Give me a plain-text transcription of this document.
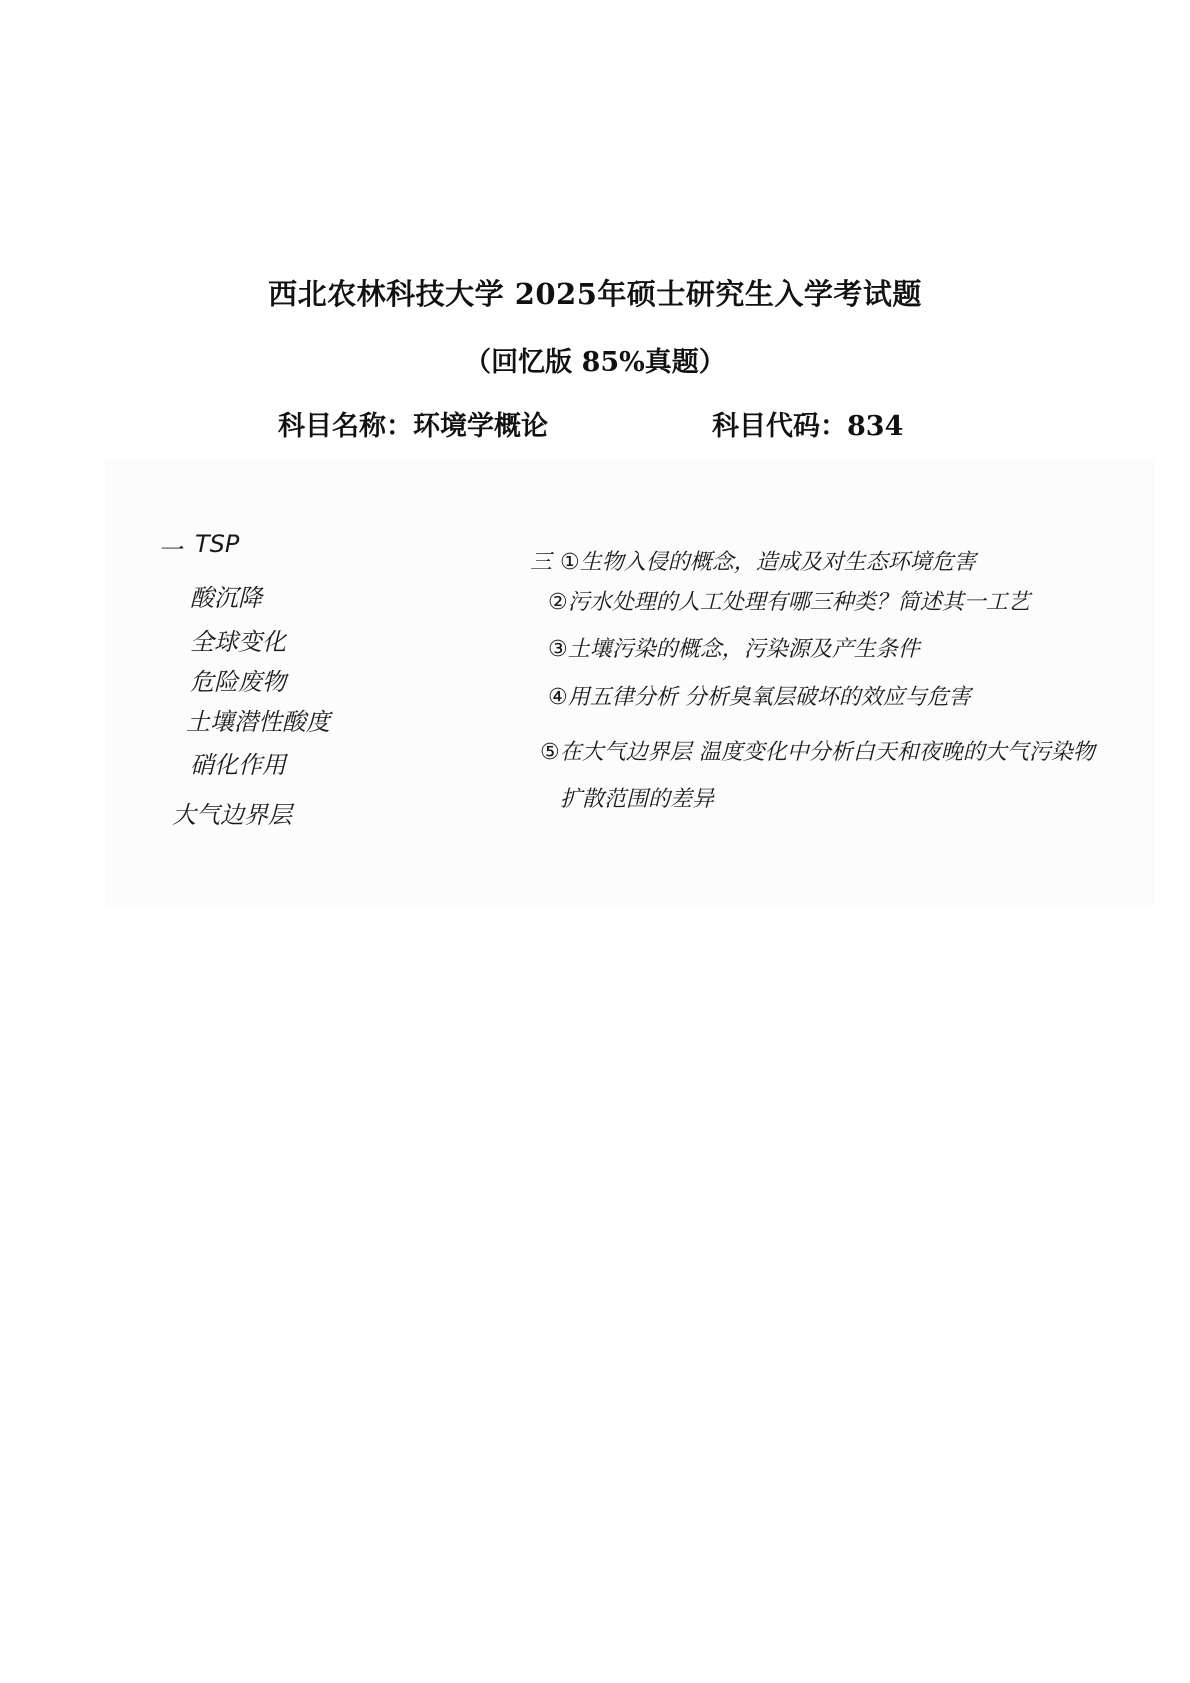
西北农林科技大学 2025年硕士研究生入学考试题
（回忆版 85%真题）
科目名称：环境学概论	科目代码：834
一 TSP
酸沉降
全球变化
危险废物
土壤潜性酸度
硝化作用
大气边界层
三 ①生物入侵的概念，造成及对生态环境危害
②污水处理的人工处理有哪三种类？简述其一工艺
③土壤污染的概念，污染源及产生条件
④用五律分析 分析臭氧层破坏的效应与危害
⑤在大气边界层 温度变化中分析白天和夜晚的大气污染物
扩散范围的差异
